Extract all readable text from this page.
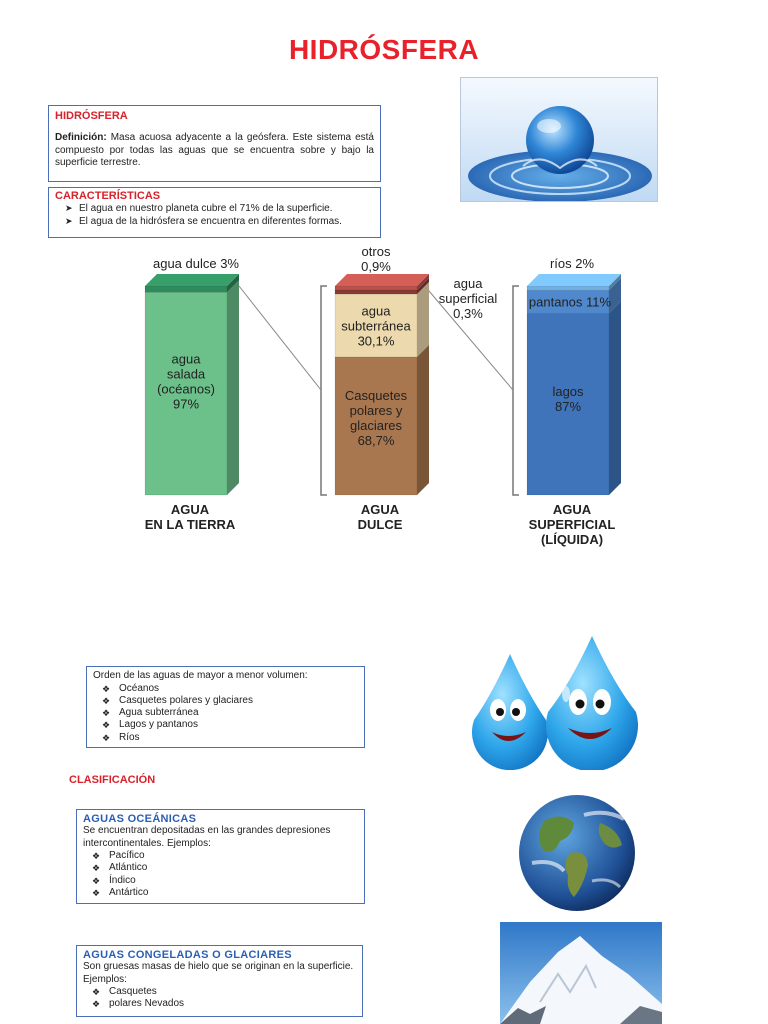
HIDRÓSFERA
HIDRÓSFERA
Definición: Masa acuosa adyacente a la geósfera. Este sistema está compuesto por todas las aguas que se encuentra sobre y bajo la superficie terrestre.
CARACTERÍSTICAS
➤ El agua en nuestro planeta cubre el 71% de la superficie.
➤ El agua de la hidrósfera se encuentra en diferentes formas.
AGUA EN LA TIERRA
AGUA DULCE
AGUA SUPERFICIAL (LÍQUIDA)
agua salada (océanos) 97%
agua dulce 3%
Casquetes polares y glaciares 68,7%
agua subterránea 30,1%
otros 0,9%
agua superficial 0,3%
lagos 87%
pantanos 11%
ríos 2%
Orden de las aguas de mayor a menor volumen:
❖ Océanos
❖ Casquetes polares y glaciares
❖ Agua subterránea
❖ Lagos y pantanos
❖ Ríos
CLASIFICACIÓN
AGUAS OCEÁNICAS
Se encuentran depositadas en las grandes depresiones intercontinentales. Ejemplos:
❖ Pacífico
❖ Atlántico
❖ Índico
❖ Antártico
AGUAS CONGELADAS O GLACIARES
Son gruesas masas de hielo que se originan en la superficie. Ejemplos:
❖ Casquetes
❖ polares Nevados
